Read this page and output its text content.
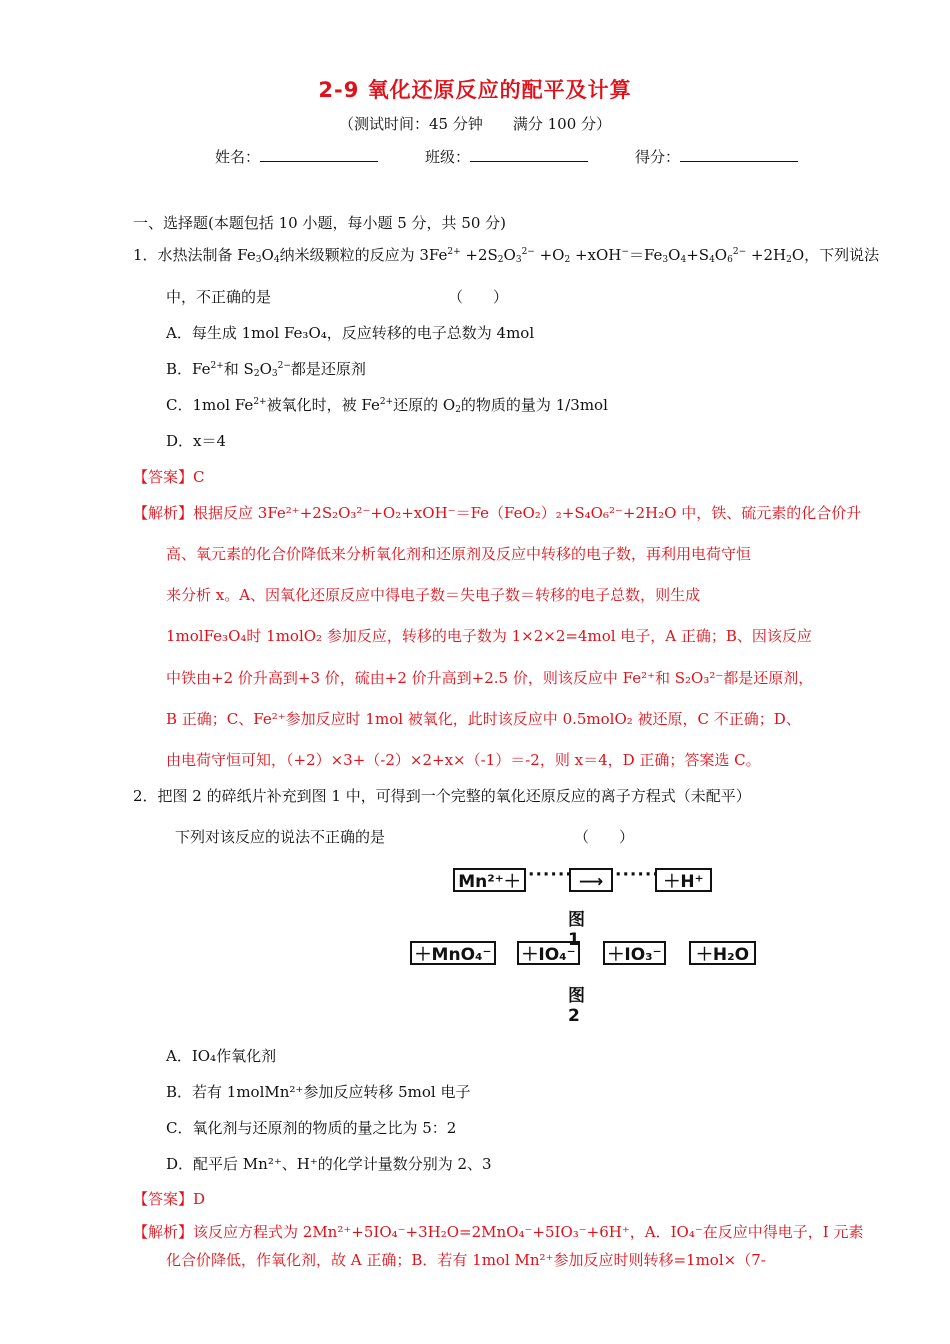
2-9 氧化还原反应的配平及计算
（测试时间：45 分钟　　满分 100 分）
姓名：	班级：	得分：
一、选择题(本题包括 10 小题，每小题 5 分，共 50 分)
1．水热法制备 $Fe_3O_4$纳米级颗粒的反应为 $3Fe^{2+} +2S_2O_3^{2-} +O_2 +xOH^-=Fe_3O_4+S_4O_6^{2-} +2H_2O$，下列说法
中，不正确的是	（　　）
A．每生成 1mol Fe₃O₄，反应转移的电子总数为 4mol
B．$Fe^{2+}$和 $S_2O_3^{2-}$都是还原剂
C．1mol $Fe^{2+}$被氧化时，被 $Fe^{2+}$还原的 $O_2$的物质的量为 1/3mol
D．x＝4
【答案】C
【解析】根据反应 3Fe²⁺+2S₂O₃²⁻+O₂+xOH⁻＝Fe（FeO₂）₂+S₄O₆²⁻+2H₂O 中，铁、硫元素的化合价升
高、氧元素的化合价降低来分析氧化剂和还原剂及反应中转移的电子数，再利用电荷守恒
来分析 x。A、因氧化还原反应中得电子数＝失电子数＝转移的电子总数，则生成
1molFe₃O₄时 1molO₂ 参加反应，转移的电子数为 1×2×2=4mol 电子，A 正确；B、因该反应
中铁由+2 价升高到+3 价，硫由+2 价升高到+2.5 价，则该反应中 Fe²⁺和 S₂O₃²⁻都是还原剂，
B 正确；C、Fe²⁺参加反应时 1mol 被氧化，此时该反应中 0.5molO₂ 被还原，C 不正确；D、
由电荷守恒可知，（+2）×3+（-2）×2+x×（-1）＝-2，则 x＝4，D 正确；答案选 C。
2．把图 2 的碎纸片补充到图 1 中，可得到一个完整的氧化还原反应的离子方程式（未配平）
下列对该反应的说法不正确的是	（　　）
Mn²⁺＋ ······ ⟶ ······ ＋H⁺
图 1
＋MnO₄⁻ ＋IO₄⁻ ＋IO₃⁻	＋H₂O
图 2
A．IO₄作氧化剂
B．若有 1molMn²⁺参加反应转移 5mol 电子
C．氧化剂与还原剂的物质的量之比为 5：2
D．配平后 Mn²⁺、H⁺的化学计量数分别为 2、3
【答案】D
【解析】该反应方程式为 2Mn²⁺+5IO₄⁻+3H₂O=2MnO₄⁻+5IO₃⁻+6H⁺，A．IO₄⁻在反应中得电子，I 元素
化合价降低，作氧化剂，故 A 正确；B．若有 1mol Mn²⁺参加反应时则转移=1mol×（7-
